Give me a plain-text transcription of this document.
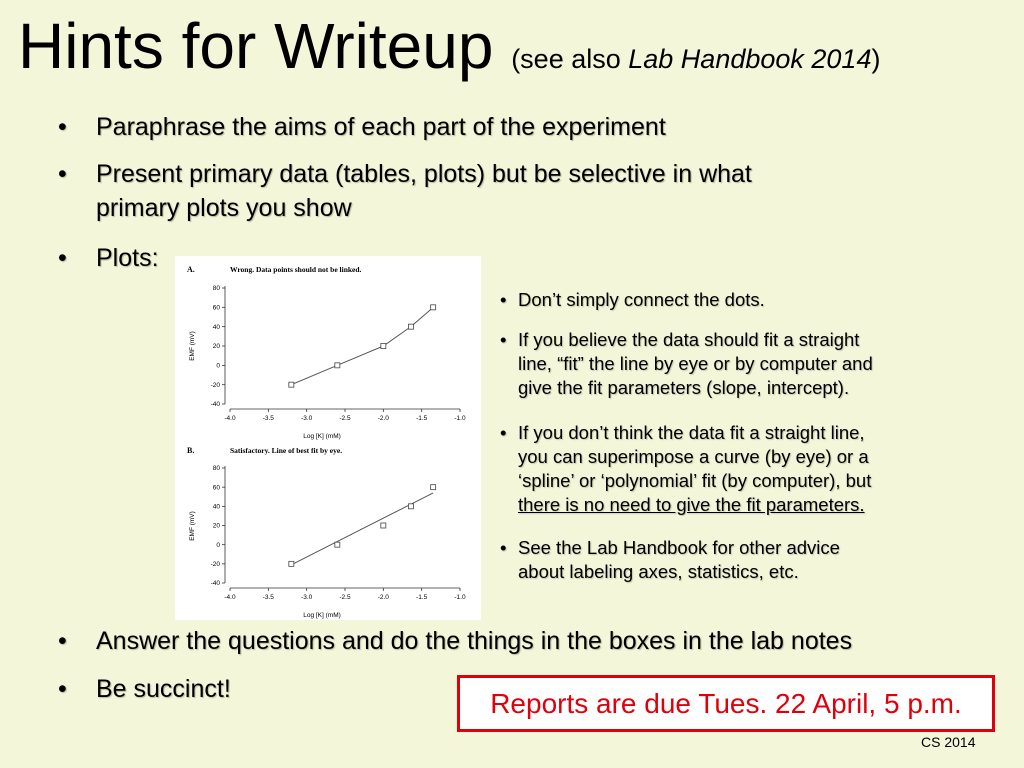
Hints for Writeup (see also Lab Handbook 2014)
• Paraphrase the aims of each part of the experiment
• Present primary data (tables, plots) but be selective in what
primary plots you show
• Plots:	A.	Wrong. Data points should not be linked.
Log [K] (mM)
EMF (mV)
-4.0	-3.5	-3.0	-2.5	-2.0	-1.5	-1.0
80
60
40
20
0
-20
-40
B.	Satisfactory. Line of best fit by eye.
Log [K] (mM)
EMF (mV)
-4.0	-3.5	-3.0	-2.5	-2.0	-1.5	-1.0
80
60
40
20
0
-20
-40
• Don’t simply connect the dots.
• If you believe the data should fit a straight
line, “fit” the line by eye or by computer and
give the fit parameters (slope, intercept).
• If you don’t think the data fit a straight line,
you can superimpose a curve (by eye) or a
‘spline’ or ‘polynomial’ fit (by computer), but
there is no need to give the fit parameters.
• See the Lab Handbook for other advice
about labeling axes, statistics, etc.
• Answer the questions and do the things in the boxes in the lab notes
• Be succinct!	Reports are due Tues. 22 April, 5 p.m.
CS 2014
